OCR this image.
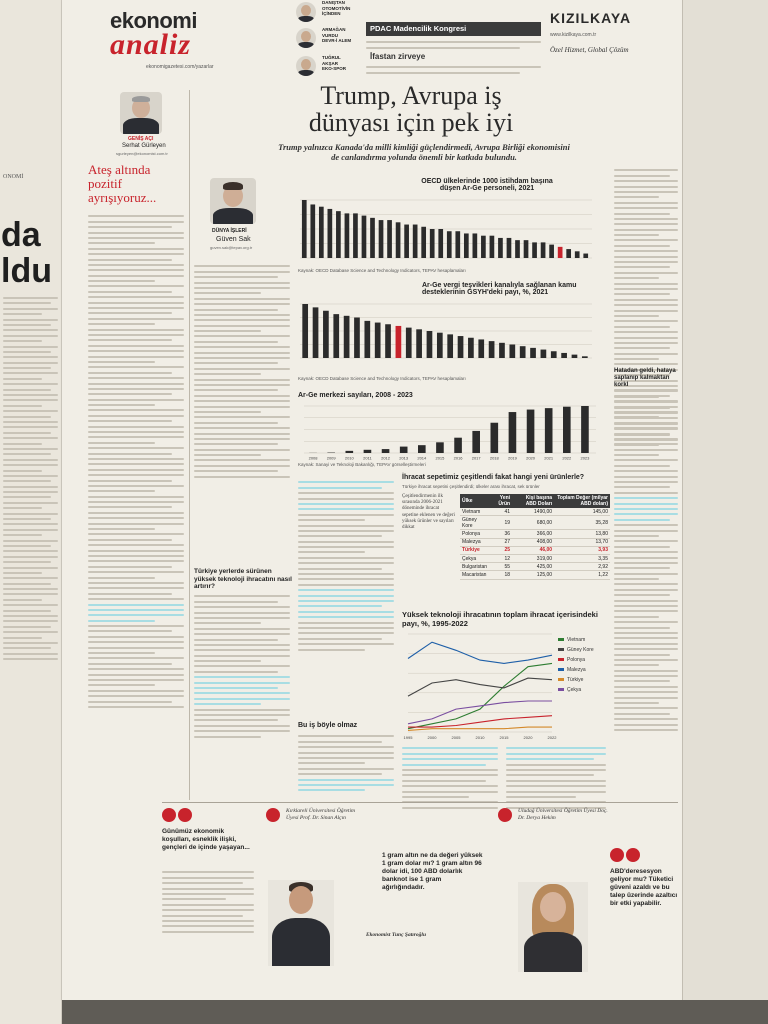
ONOMİ
da
ldu
ekonomi
analiz
ekonomigazetesi.com/yazarlar
DANIŞTAN
OTOMOTİVİN
İÇİNDEN
ARMAĞAN
VURDU
DEVR-İ ALEM
TUĞRUL
AKŞAR
EKO-SPOR
PDAC Madencilik Kongresi
İfastan zirveye
KIZILKAYA
www.kizilkaya.com.tr
Özel Hizmet, Global Çözüm
GENİŞ AÇI
Serhat Gürleyen
sgurleyen@ekonomist.com.tr
Ateş altında pozitif ayrışıyoruz...
DÜNYA İŞLERİ
Güven Sak
guven.sak@tepav.org.tr
Trump, Avrupa iş dünyası için pek iyi
Trump yalnızca Kanada'da milli kimliği güçlendirmedi, Avrupa Birliği ekonomisini de canlandırma yolunda önemli bir katkıda bulundu.
Türkiye yerlerde sürünen yüksek teknoloji ihracatını nasıl artırır?
OECD ülkelerinde 1000 istihdam başına düşen Ar-Ge personeli, 2021
Kaynak: OECD Database Science and Technology Indicators, TEPAV hesaplamaları
Ar-Ge vergi teşvikleri kanalıyla sağlanan kamu desteklerinin GSYH'deki payı, %, 2021
Kaynak: OECD Database Science and Technology Indicators, TEPAV hesaplamaları
Ar-Ge merkezi sayıları, 2008 - 2023
2008 2009 2010 2011 2012 2013 2014 2015 2016 2017 2018 2019 2020 2021 2022 2023
Kaynak: Sanayi ve Teknoloji Bakanlığı, TEPAV görselleştirmeleri
Bu iş böyle olmaz
İhracat sepetimiz çeşitlendi fakat hangi yeni ürünlerle?
Türkiye ihracat sepetini çeşitlendirdi; ülkeler arası ihracat, sek ürünler
Çeşitlendirmenin ilk sırasında 2006-2021 döneminde ihracat sepetine eklenen ve değeri yüksek ürünler ve sayıları dikkat
Ülke	Yeni Ürün	Kişi başına ABD Doları	Toplam Değer (milyar ABD doları)
Vietnam	41	1490,00	145,00
Güney Kore	19	680,00	35,28
Polonya	36	366,00	13,80
Malezya	27	408,00	13,70
Türkiye	25	46,00	3,93
Çekya	12	319,00	3,35
Bulgaristan	55	425,00	2,92
Macaristan	18	125,00	1,22
Yüksek teknoloji ihracatının toplam ihracat içerisindeki payı, %, 1995-2022
1995	2000	2005	2010	2015	2020	2022
Vietnam
Güney Kore
Polonya
Malezya
Türkiye
Çekya
Hatadan geldi, hataya saplanıp kalmaktan korkl
Günümüz ekonomik koşulları, esneklik ilişki, gençleri de içinde yaşayan...
Kırklareli Üniversitesi Öğretim Üyesi Prof. Dr. Sinan Alçın
Ekonomist Tunç Şatıroğlu
1 gram altın ne da değeri yüksek 1 gram dolar mı? 1 gram altın 96 dolar idi, 100 ABD dolarlık banknot ise 1 gram ağırlığındadır.
Uludağ Üniversitesi Öğretim Üyesi Doç. Dr. Derya Hekim
ABD'deresesyon geliyor mu? Tüketici güveni azaldı ve bu talep üzerinde azaltıcı bir etki yapabilir.
